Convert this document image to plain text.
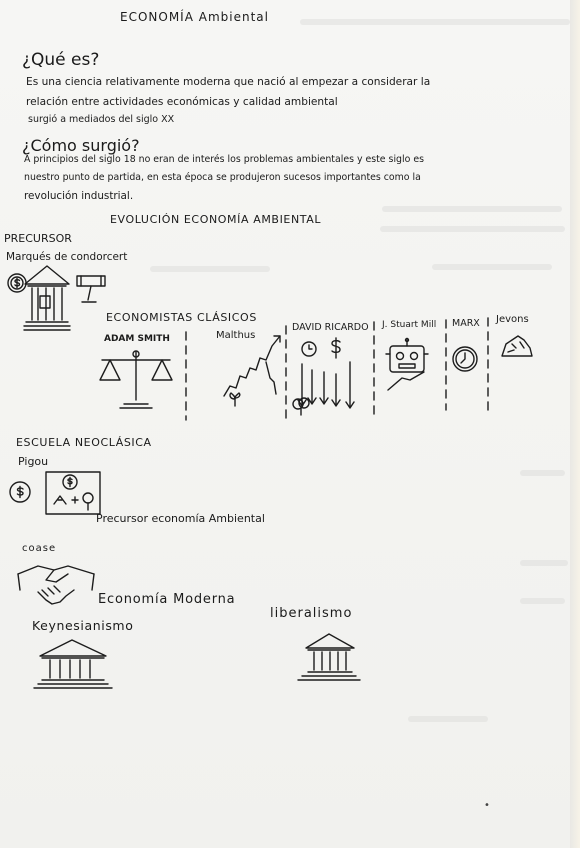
ECONOMÍA Ambiental
¿Qué es?
Es una ciencia relativamente moderna que nació al empezar a considerar la
relación entre actividades económicas y calidad ambiental
surgió a mediados del siglo XX
¿Cómo surgió?
A principios del siglo 18 no eran de interés los problemas ambientales y este siglo es
nuestro punto de partida, en esta época se produjeron sucesos importantes como la
revolución industrial.
EVOLUCIÓN ECONOMÍA AMBIENTAL
PRECURSOR
Marqués de condorcert
ECONOMISTAS CLÁSICOS
ADAM SMITH	Malthus
DAVID RICARDO J. Stuart Mill MARX Jevons
ESCUELA NEOCLÁSICA
Pigou
Precursor economía Ambiental
coase
Economía Moderna
Keynesianismo
liberalismo
•
